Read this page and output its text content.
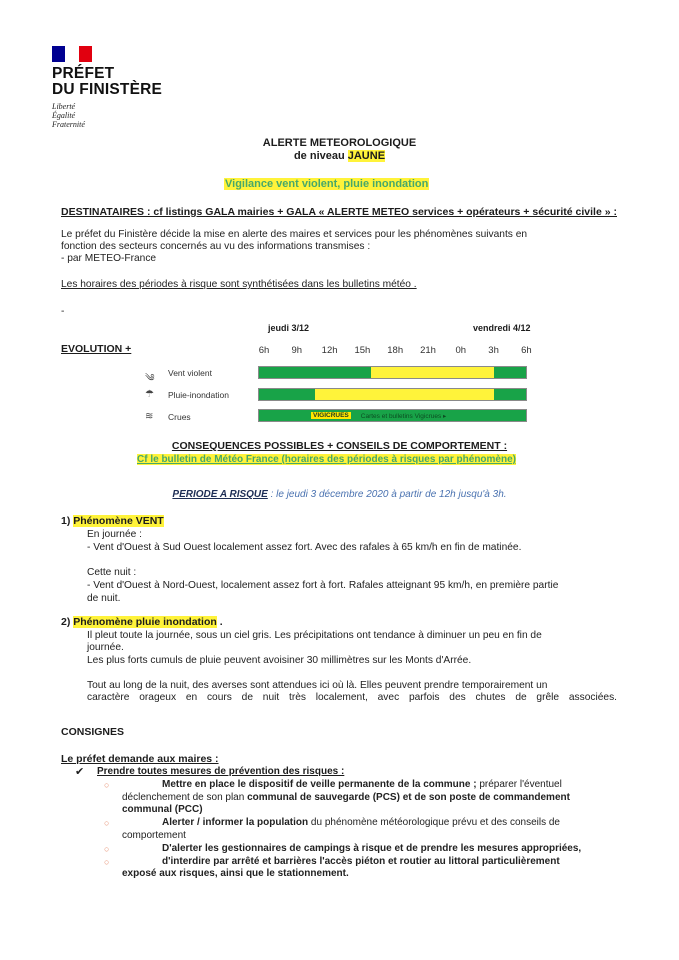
PRÉFET
DU FINISTÈRE
Liberté
Égalité
Fraternité
ALERTE METEOROLOGIQUE
de niveau JAUNE
Vigilance vent violent, pluie inondation
DESTINATAIRES : cf listings GALA mairies + GALA « ALERTE METEO services + opérateurs + sécurité civile » :
Le préfet du Finistère décide la mise en alerte des maires et services pour les phénomènes suivants en
fonction des secteurs concernés au vu des informations transmises :
- par METEO-France
Les horaires des périodes à risque sont synthétisées dans les bulletins météo .
-
jeudi 3/12	vendredi 4/12
EVOLUTION +	6h	9h	12h	15h	18h	21h	0h	3h	6h
༄ Vent violent
☂ Pluie-inondation
≋ Crues	VIGICRUES	Cartes et bulletins Vigicrues ▸
CONSEQUENCES POSSIBLES + CONSEILS DE COMPORTEMENT :
Cf le bulletin de Météo France (horaires des périodes à risques par phénomène)
PERIODE A RISQUE : le jeudi 3 décembre 2020 à partir de 12h jusqu'à 3h.
1) Phénomène VENT
En journée :
- Vent d'Ouest à Sud Ouest localement assez fort. Avec des rafales à 65 km/h en fin de matinée.
Cette nuit :
- Vent d'Ouest à Nord-Ouest, localement assez fort à fort. Rafales atteignant 95 km/h, en première partie
de nuit.
2) Phénomène pluie inondation .
Il pleut toute la journée, sous un ciel gris. Les précipitations ont tendance à diminuer un peu en fin de
journée.
Les plus forts cumuls de pluie peuvent avoisiner 30 millimètres sur les Monts d'Arrée.
Tout au long de la nuit, des averses sont attendues ici où là. Elles peuvent prendre temporairement un
caractère orageux en cours de nuit très localement, avec parfois des chutes de grêle associées.
CONSIGNES
Le préfet demande aux maires :
✔ Prendre toutes mesures de prévention des risques :
○	Mettre en place le dispositif de veille permanente de la commune ; préparer l'éventuel
déclenchement de son plan communal de sauvegarde (PCS) et de son poste de commandement
communal (PCC)
○	Alerter / informer la population du phénomène météorologique prévu et des conseils de
comportement
○	D'alerter les gestionnaires de campings à risque et de prendre les mesures appropriées,
○	d'interdire par arrêté et barrières l'accès piéton et routier au littoral particulièrement
exposé aux risques, ainsi que le stationnement.
